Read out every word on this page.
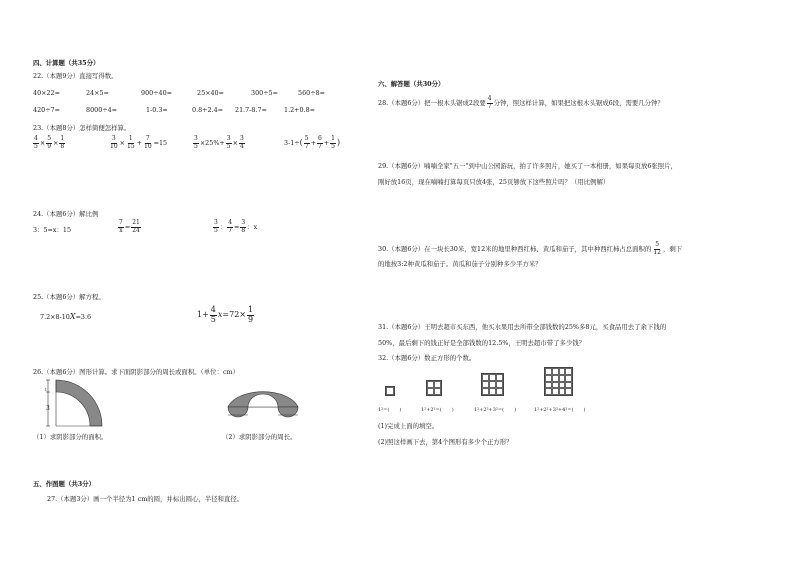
四、计算题（共35分）
22.（本题9分）直接写得数。
40×22=	24×5=	900÷40=	25×40=	300÷5=	560÷8=
420÷7=	8000÷4=	1-0.3=	0.8+2.4= 21.7-8.7=	1.2+0.8=
23.（本题8分）怎样简便怎样算。
$\frac{4}{5} \times \frac{5}{9} \times \frac{1}{8}$	$\frac{3}{10} \times \frac{1}{15} + \frac{7}{10} =15$	$\frac{3}{5} \times 25\%+ \frac{3}{5} \times \frac{3}{4}$	3-1÷ ( $\frac{5}{7} + \frac{6}{7} + \frac{1}{5}$ )
24.（本题6分）解比例
3：5=x：15	$\frac{7}{x} = \frac{21}{24}$	$\frac{3}{5}$ ： $\frac{4}{7} = \frac{3}{8}$ ：x
25.（本题6分）解方程。
7.2×8-10 X =3.6	$1+ \frac{4}{5}$ $x =72\times \frac{1}{9}$
26.（本题6分）图形计算。求下面阴影部分的周长或面积。（单位：cm）
↕
3
（1）求阴影部分的面积。	（2）求阴影部分的周长。
五、作图题（共3分）
27.（本题3分）画一个半径为1 cm的圆，并标出圆心，半径和直径。
六、解答题（共30分）
28.（本题6分）把一根木头锯成2段要 $\frac{4}{7}$ 分钟，照这样计算，如果把这根木头锯成6段，需要几分钟？
29.（本题6分）喃喃全家"五一"到中山公园游玩，拍了许多照片，她买了一本相册，如果每页放6张照片，
刚好放16页，现在喃喃打算每页只放4张，25页够放下这些照片吗？（用比例解）
30.（本题6分）在一块长30米，宽12米的地里种西红柿、黄瓜和茄子，其中种西红柿占总面积的 $\frac{5}{12}$ ，剩下
的地按3:2种黄瓜和茄子。黄瓜和茄子分别种多少平方米？
31.（本题6分）王明去超市买东西，他买水果用去所带全部钱数的25%多8元，买食品用去了余下钱的
50%，最后剩下的钱正好是全部钱数的12.5%，王明去超市带了多少钱？
32.（本题6分）数正方形的个数。
1²=(　　)	1²+2²=(　　)	1²+2²+3²=(　　)	1²+2²+3²+4²=(　　)
(1)完成上面的填空。
(2)照这样画下去，第4个图形有多少个正方形？
